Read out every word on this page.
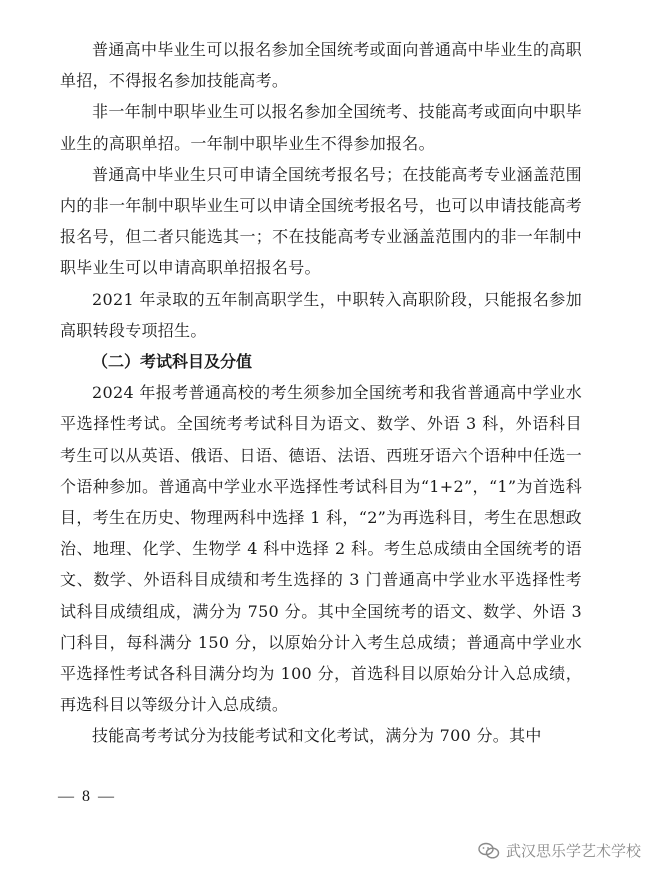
普通高中毕业生可以报名参加全国统考或面向普通高中毕业生的高职单招，不得报名参加技能高考。

非一年制中职毕业生可以报名参加全国统考、技能高考或面向中职毕业生的高职单招。一年制中职毕业生不得参加报名。

普通高中毕业生只可申请全国统考报名号；在技能高考专业涵盖范围内的非一年制中职毕业生可以申请全国统考报名号，也可以申请技能高考报名号，但二者只能选其一；不在技能高考专业涵盖范围内的非一年制中职毕业生可以申请高职单招报名号。

2021 年录取的五年制高职学生，中职转入高职阶段，只能报名参加高职转段专项招生。

（二）考试科目及分值

2024 年报考普通高校的考生须参加全国统考和我省普通高中学业水平选择性考试。全国统考考试科目为语文、数学、外语 3 科，外语科目考生可以从英语、俄语、日语、德语、法语、西班牙语六个语种中任选一个语种参加。普通高中学业水平选择性考试科目为“1+2”，“1”为首选科目，考生在历史、物理两科中选择 1 科，“2”为再选科目，考生在思想政治、地理、化学、生物学 4 科中选择 2 科。考生总成绩由全国统考的语文、数学、外语科目成绩和考生选择的 3 门普通高中学业水平选择性考试科目成绩组成，满分为 750 分。其中全国统考的语文、数学、外语 3 门科目，每科满分 150 分，以原始分计入考生总成绩；普通高中学业水平选择性考试各科目满分均为 100 分，首选科目以原始分计入总成绩，再选科目以等级分计入总成绩。

技能高考考试分为技能考试和文化考试，满分为 700 分。其中

— 8 —
武汉思乐学艺术学校
